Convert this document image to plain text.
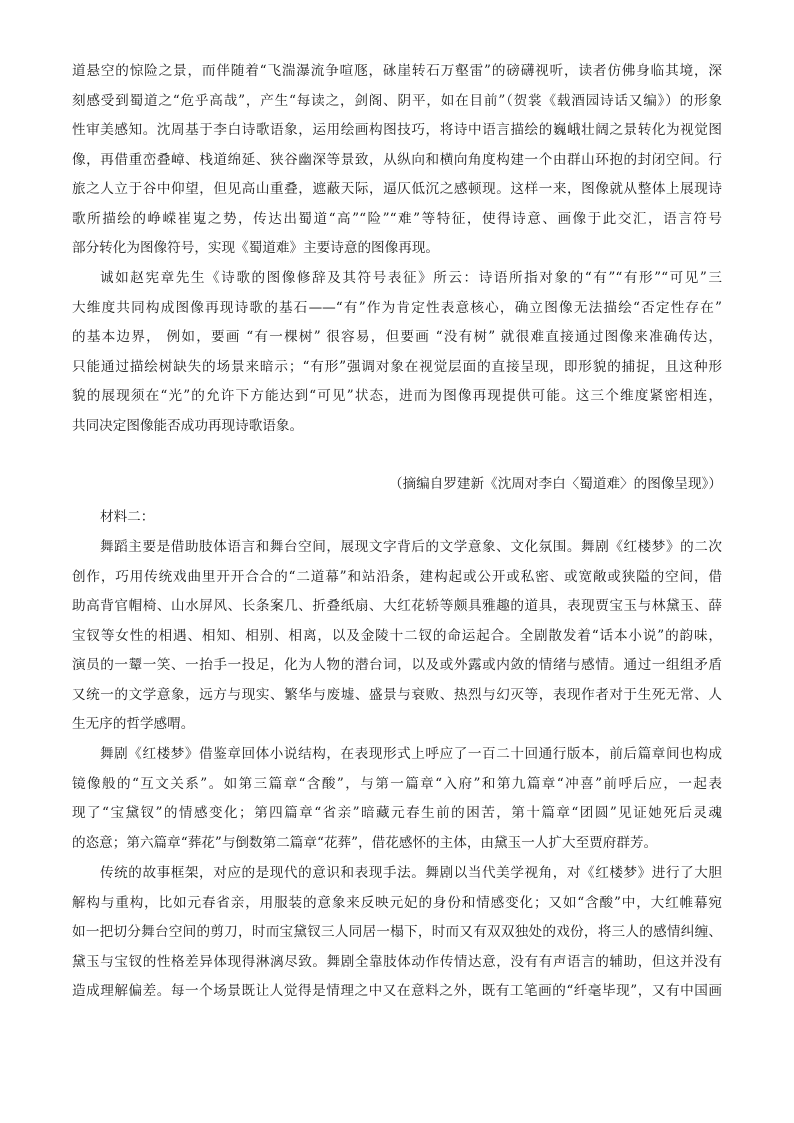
道悬空的惊险之景，而伴随着“飞湍瀑流争喧豗，砯崖转石万壑雷”的磅礴视听，读者仿佛身临其境，深
刻感受到蜀道之“危乎高哉”，产生“每读之，剑阁、阴平，如在目前”（贺裳《载酒园诗话又编》）的形象
性审美感知。沈周基于李白诗歌语象，运用绘画构图技巧，将诗中语言描绘的巍峨壮阔之景转化为视觉图
像，再借重峦叠嶂、栈道绵延、狭谷幽深等景致，从纵向和横向角度构建一个由群山环抱的封闭空间。行
旅之人立于谷中仰望，但见高山重叠，遮蔽天际，逼仄低沉之感顿现。这样一来，图像就从整体上展现诗
歌所描绘的峥嵘崔嵬之势，传达出蜀道“高”“险”“难”等特征，使得诗意、画像于此交汇，语言符号
部分转化为图像符号，实现《蜀道难》主要诗意的图像再现。
诚如赵宪章先生《诗歌的图像修辞及其符号表征》所云：诗语所指对象的“有”“有形”“可见”三
大维度共同构成图像再现诗歌的基石——“有”作为肯定性表意核心，确立图像无法描绘“否定性存在”
的基本边界， 例如，要画 “有一棵树” 很容易，但要画 “没有树” 就很难直接通过图像来准确传达，
只能通过描绘树缺失的场景来暗示；“有形”强调对象在视觉层面的直接呈现，即形貌的捕捉，且这种形
貌的展现须在“光”的允许下方能达到“可见”状态，进而为图像再现提供可能。这三个维度紧密相连，
共同决定图像能否成功再现诗歌语象。
（摘编自罗建新《沈周对李白〈蜀道难〉的图像呈现》）
材料二：
舞蹈主要是借助肢体语言和舞台空间，展现文字背后的文学意象、文化氛围。舞剧《红楼梦》的二次
创作，巧用传统戏曲里开开合合的“二道幕”和站沿条，建构起或公开或私密、或宽敞或狭隘的空间，借
助高背官帽椅、山水屏风、长条案几、折叠纸扇、大红花轿等颇具雅趣的道具，表现贾宝玉与林黛玉、薛
宝钗等女性的相遇、相知、相别、相离，以及金陵十二钗的命运起合。全剧散发着“话本小说”的韵味，
演员的一颦一笑、一抬手一投足，化为人物的潜台词，以及或外露或内敛的情绪与感情。通过一组组矛盾
又统一的文学意象，远方与现实、繁华与废墟、盛景与衰败、热烈与幻灭等，表现作者对于生死无常、人
生无序的哲学感喟。
舞剧《红楼梦》借鉴章回体小说结构，在表现形式上呼应了一百二十回通行版本，前后篇章间也构成
镜像般的“互文关系”。如第三篇章“含酸”，与第一篇章“入府”和第九篇章“冲喜”前呼后应，一起表
现了“宝黛钗”的情感变化；第四篇章“省亲”暗藏元春生前的困苦，第十篇章“团圆”见证她死后灵魂
的恣意；第六篇章“葬花”与倒数第二篇章“花葬”，借花感怀的主体，由黛玉一人扩大至贾府群芳。
传统的故事框架，对应的是现代的意识和表现手法。舞剧以当代美学视角，对《红楼梦》进行了大胆
解构与重构，比如元春省亲，用服装的意象来反映元妃的身份和情感变化；又如“含酸”中，大红帷幕宛
如一把切分舞台空间的剪刀，时而宝黛钗三人同居一榻下，时而又有双双独处的戏份，将三人的感情纠缠、
黛玉与宝钗的性格差异体现得淋漓尽致。舞剧全靠肢体动作传情达意，没有有声语言的辅助，但这并没有
造成理解偏差。每一个场景既让人觉得是情理之中又在意料之外，既有工笔画的“纤毫毕现”，又有中国画
